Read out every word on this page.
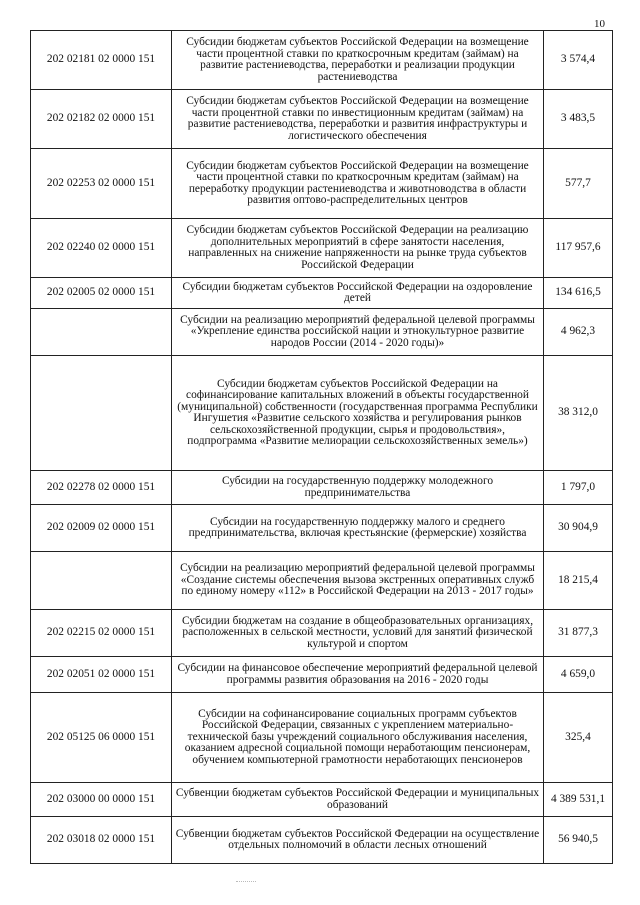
10
202 02181 02 0000 151	Субсидии бюджетам субъектов Российской Федерации на возмещение части процентной ставки по краткосрочным кредитам (займам) на развитие растениеводства, переработки и реализации продукции растениеводства	3 574,4
202 02182 02 0000 151	Субсидии бюджетам субъектов Российской Федерации на возмещение части процентной ставки по инвестиционным кредитам (займам) на развитие растениеводства, переработки и развития инфраструктуры и логистического обеспечения	3 483,5
202 02253 02 0000 151	Субсидии бюджетам субъектов Российской Федерации на возмещение части процентной ставки по краткосрочным кредитам (займам) на переработку продукции растениеводства и животноводства в области развития оптово-распределительных центров	577,7
202 02240 02 0000 151	Субсидии бюджетам субъектов Российской Федерации на реализацию дополнительных мероприятий в сфере занятости населения, направленных на снижение напряженности на рынке труда субъектов Российской Федерации	117 957,6
202 02005 02 0000 151	Субсидии бюджетам субъектов Российской Федерации на оздоровление детей	134 616,5
	Субсидии на реализацию мероприятий федеральной целевой программы «Укрепление единства российской нации и этнокультурное развитие народов России (2014 - 2020 годы)»	4 962,3
	Субсидии бюджетам субъектов Российской Федерации на софинансирование капитальных вложений в объекты государственной (муниципальной) собственности (государственная программа Республики Ингушетия «Развитие сельского хозяйства и регулирования рынков сельскохозяйственной продукции, сырья и продовольствия», подпрограмма «Развитие мелиорации сельскохозяйственных земель»)	38 312,0
202 02278 02 0000 151	Субсидии на государственную поддержку молодежного предпринимательства	1 797,0
202 02009 02 0000 151	Субсидии на государственную поддержку малого и среднего предпринимательства, включая крестьянские (фермерские) хозяйства	30 904,9
	Субсидии на реализацию мероприятий федеральной целевой программы «Создание системы обеспечения вызова экстренных оперативных служб по единому номеру «112» в Российской Федерации на 2013 - 2017 годы»	18 215,4
202 02215 02 0000 151	Субсидии бюджетам на создание в общеобразовательных организациях, расположенных в сельской местности, условий для занятий физической культурой и спортом	31 877,3
202 02051 02 0000 151	Субсидии на финансовое обеспечение мероприятий федеральной целевой программы развития образования на 2016 - 2020 годы	4 659,0
202 05125 06 0000 151	Субсидии на софинансирование социальных программ субъектов Российской Федерации, связанных с укреплением материально-технической базы учреждений социального обслуживания населения, оказанием адресной социальной помощи неработающим пенсионерам, обучением компьютерной грамотности неработающих пенсионеров	325,4
202 03000 00 0000 151	Субвенции бюджетам субъектов Российской Федерации и муниципальных образований	4 389 531,1
202 03018 02 0000 151	Субвенции бюджетам субъектов Российской Федерации на осуществление отдельных полномочий в области лесных отношений	56 940,5
